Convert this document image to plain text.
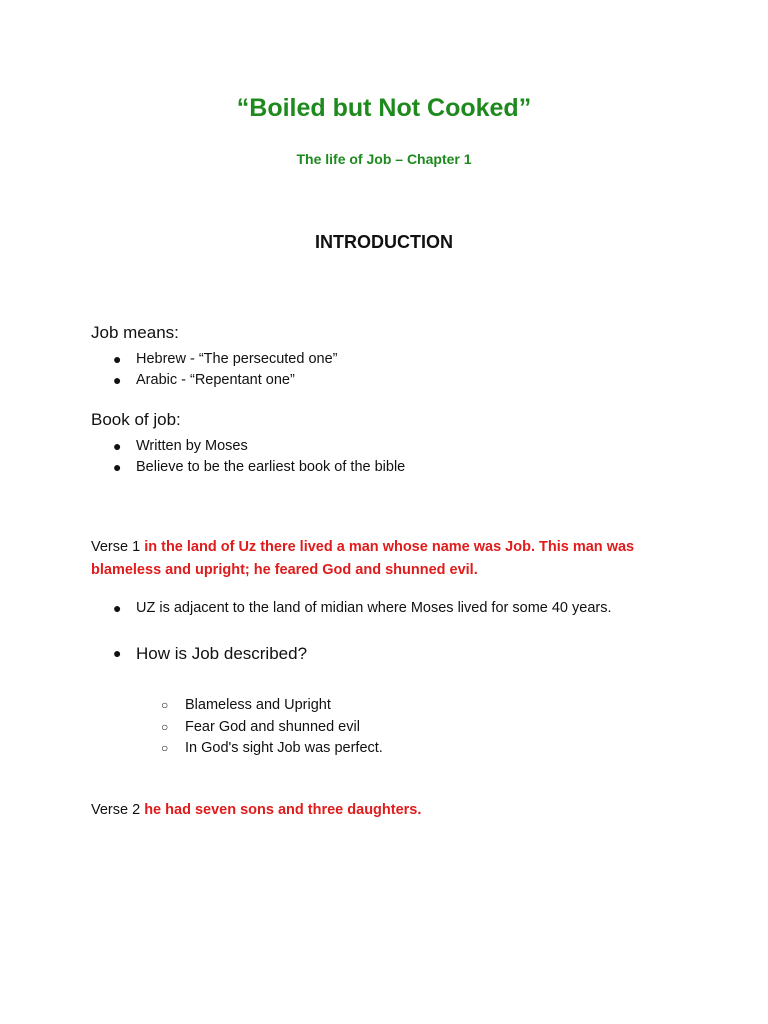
“Boiled but Not Cooked”
The life of Job – Chapter 1
INTRODUCTION

Job means:

● Hebrew - “The persecuted one”
● Arabic - “Repentant one”

Book of job:

● Written by Moses
● Believe to be the earliest book of the bible

Verse 1 in the land of Uz there lived a man whose name was Job. This man was blameless and upright; he feared God and shunned evil.

● UZ is adjacent to the land of midian where Moses lived for some 40 years.
● How is Job described?
○ Blameless and Upright
○ Fear God and shunned evil
○ In God's sight Job was perfect.

Verse 2 he had seven sons and three daughters.
